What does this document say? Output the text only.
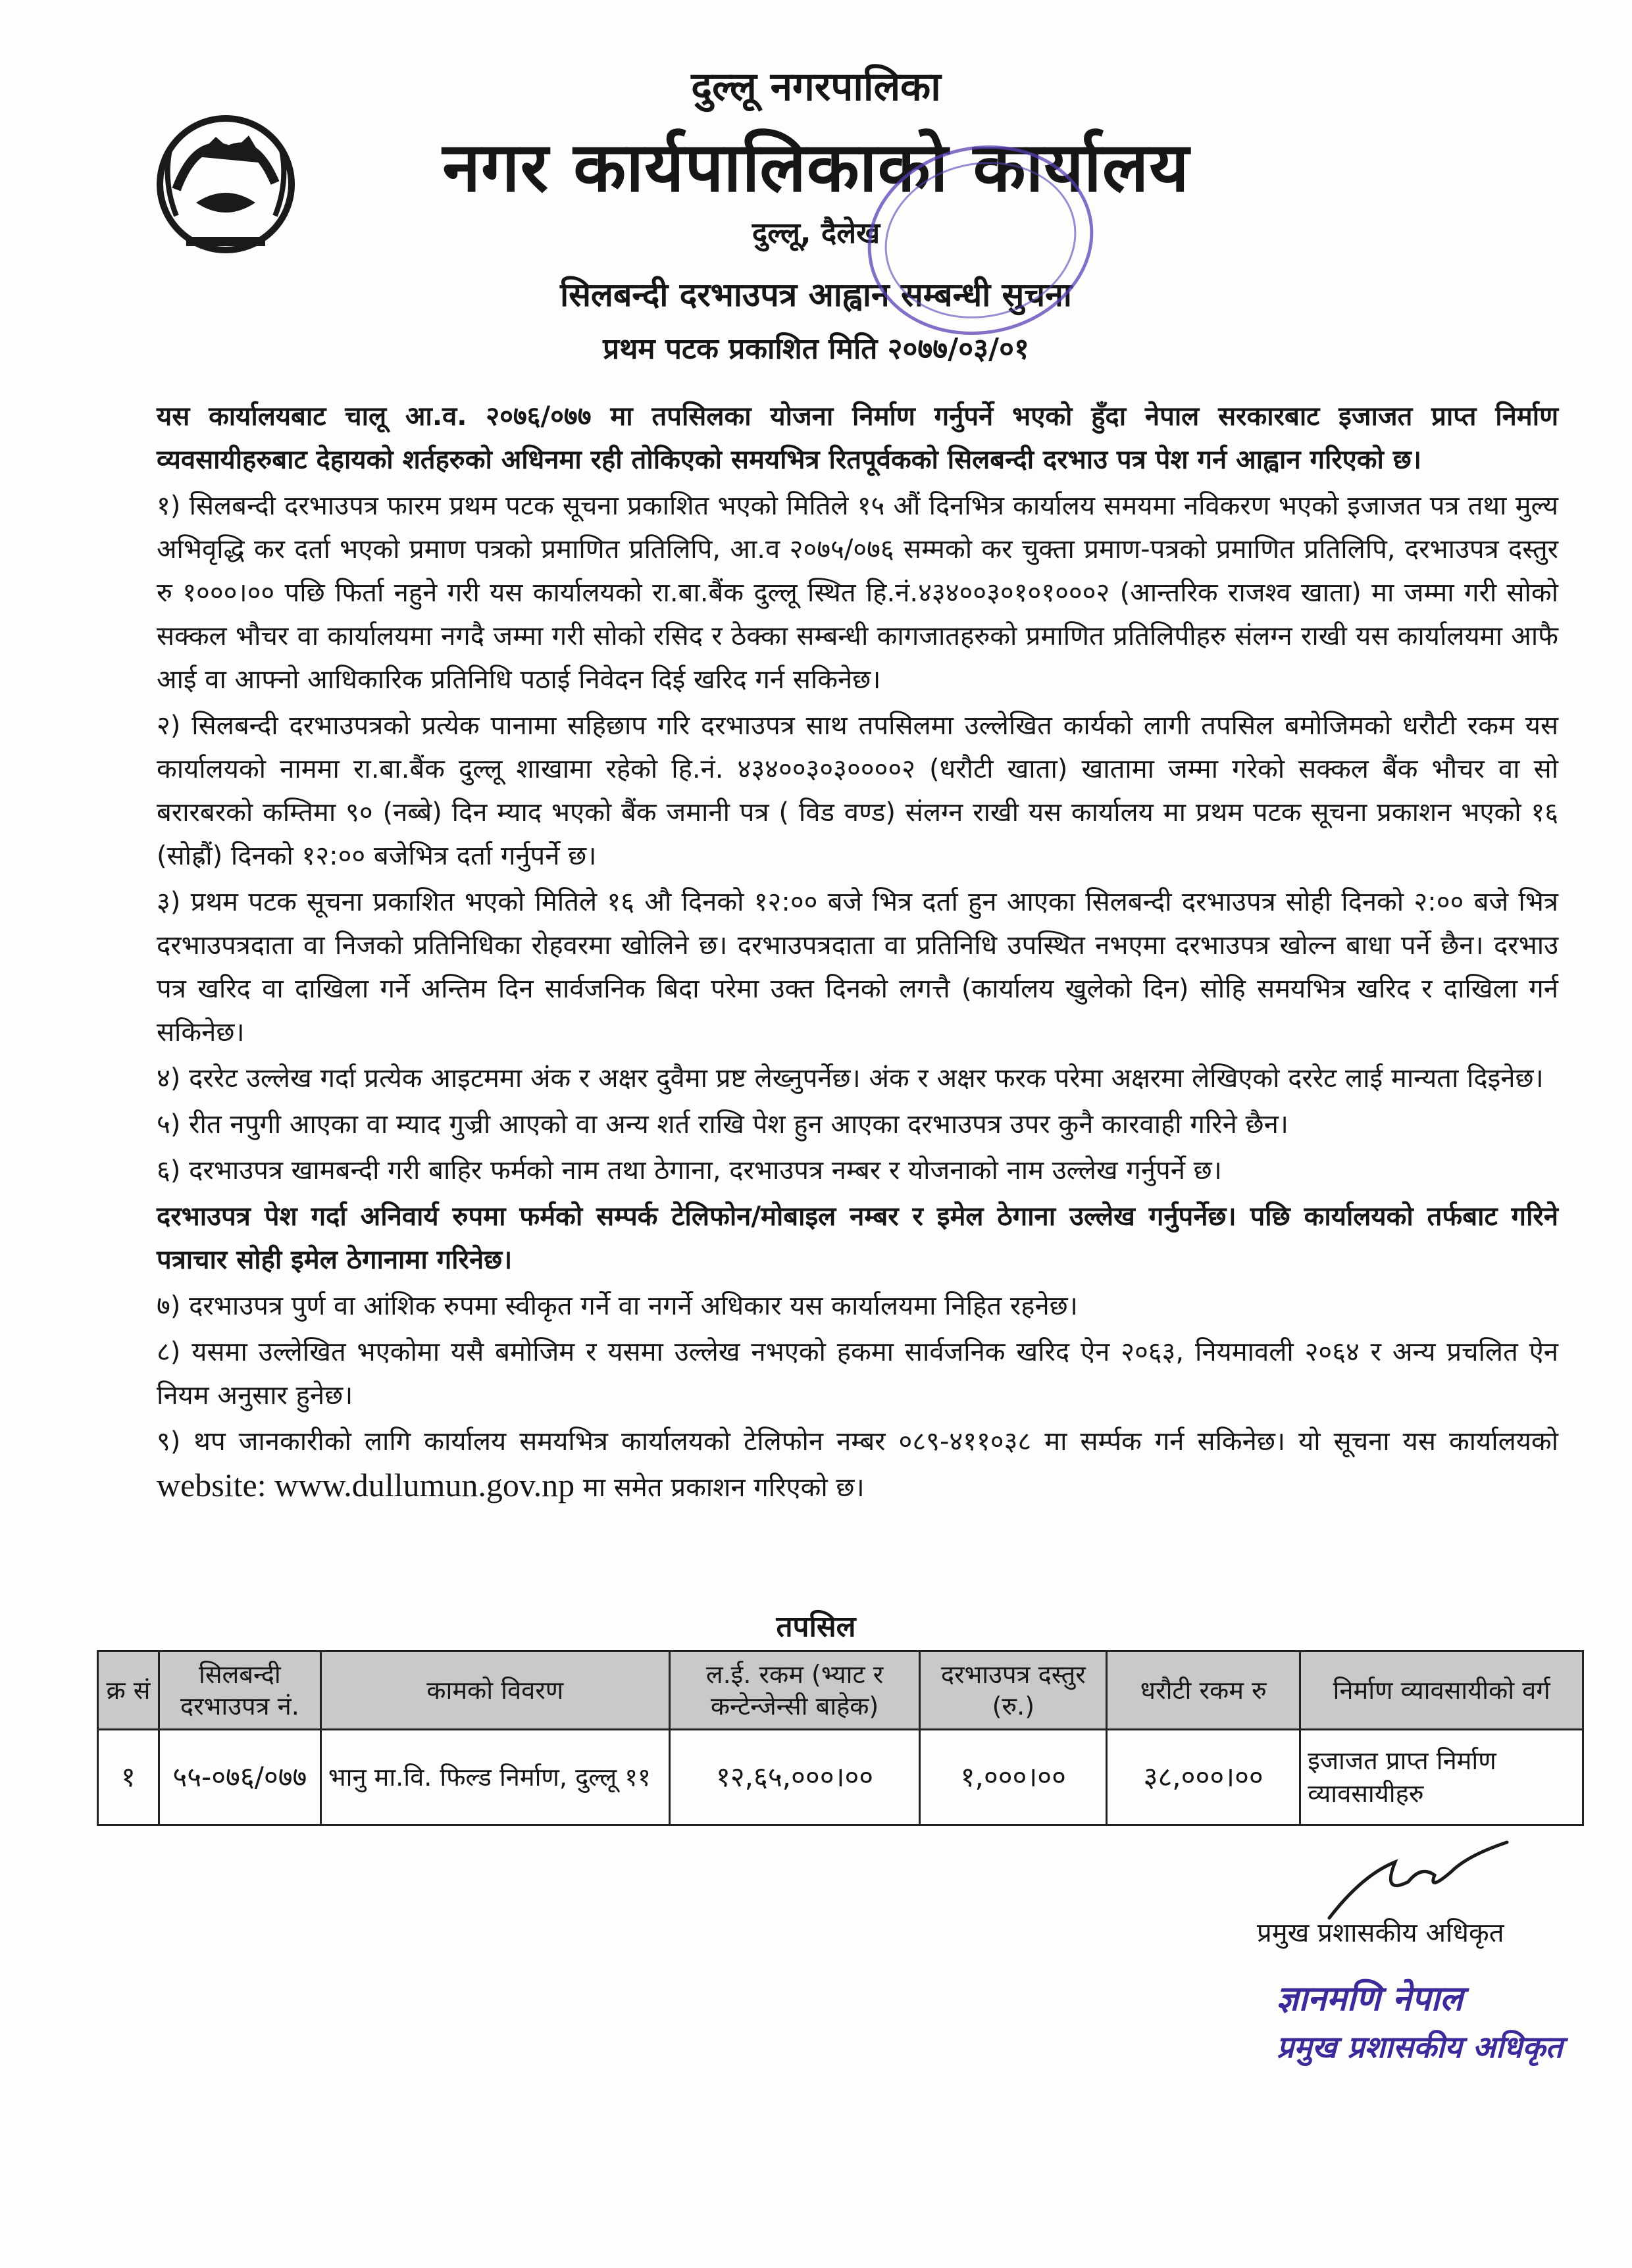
दुल्लू नगरपालिका
नगर कार्यपालिकाको कार्यालय
दुल्लू, दैलेख
सिलबन्दी दरभाउपत्र आह्वान सम्बन्धी सुचना
प्रथम पटक प्रकाशित मिति २०७७/०३/०१

यस कार्यालयबाट चालू आ.व. २०७६/०७७ मा तपसिलका योजना निर्माण गर्नुपर्ने भएको हुँदा नेपाल सरकारबाट इजाजत प्राप्त निर्माण व्यवसायीहरुबाट देहायको शर्तहरुको अधिनमा रही तोकिएको समयभित्र रितपूर्वकको सिलबन्दी दरभाउ पत्र पेश गर्न आह्वान गरिएको छ।

१) सिलबन्दी दरभाउपत्र फारम प्रथम पटक सूचना प्रकाशित भएको मितिले १५ औं दिनभित्र कार्यालय समयमा नविकरण भएको इजाजत पत्र तथा मुल्य अभिवृद्धि कर दर्ता भएको प्रमाण पत्रको प्रमाणित प्रतिलिपि, आ.व २०७५/०७६ सम्मको कर चुक्ता प्रमाण-पत्रको प्रमाणित प्रतिलिपि, दरभाउपत्र दस्तुर रु १०००।०० पछि फिर्ता नहुने गरी यस कार्यालयको रा.बा.बैंक दुल्लू स्थित हि.नं.४३४००३०१०१०००२ (आन्तरिक राजश्व खाता) मा जम्मा गरी सोको सक्कल भौचर वा कार्यालयमा नगदै जम्मा गरी सोको रसिद र ठेक्का सम्बन्धी कागजातहरुको प्रमाणित प्रतिलिपीहरु संलग्न राखी यस कार्यालयमा आफै आई वा आफ्नो आधिकारिक प्रतिनिधि पठाई निवेदन दिई खरिद गर्न सकिनेछ।

२) सिलबन्दी दरभाउपत्रको प्रत्येक पानामा सहिछाप गरि दरभाउपत्र साथ तपसिलमा उल्लेखित कार्यको लागी तपसिल बमोजिमको धरौटी रकम यस कार्यालयको नाममा रा.बा.बैंक दुल्लू शाखामा रहेको हि.नं. ४३४००३०३००००२ (धरौटी खाता) खातामा जम्मा गरेको सक्कल बैंक भौचर वा सो बरारबरको कम्तिमा ९० (नब्बे) दिन म्याद भएको बैंक जमानी पत्र ( विड वण्ड) संलग्न राखी यस कार्यालय मा प्रथम पटक सूचना प्रकाशन भएको १६ (सोह्रौं) दिनको १२:०० बजेभित्र दर्ता गर्नुपर्ने छ।

३) प्रथम पटक सूचना प्रकाशित भएको मितिले १६ औ दिनको १२:०० बजे भित्र दर्ता हुन आएका सिलबन्दी दरभाउपत्र सोही दिनको २:०० बजे भित्र दरभाउपत्रदाता वा निजको प्रतिनिधिका रोहवरमा खोलिने छ। दरभाउपत्रदाता वा प्रतिनिधि उपस्थित नभएमा दरभाउपत्र खोल्न बाधा पर्ने छैन। दरभाउ पत्र खरिद वा दाखिला गर्ने अन्तिम दिन सार्वजनिक बिदा परेमा उक्त दिनको लगत्तै (कार्यालय खुलेको दिन) सोहि समयभित्र खरिद र दाखिला गर्न सकिनेछ।

४) दररेट उल्लेख गर्दा प्रत्येक आइटममा अंक र अक्षर दुवैमा प्रष्ट लेख्नुपर्नेछ। अंक र अक्षर फरक परेमा अक्षरमा लेखिएको दररेट लाई मान्यता दिइनेछ।

५) रीत नपुगी आएका वा म्याद गुज्री आएको वा अन्य शर्त राखि पेश हुन आएका दरभाउपत्र उपर कुनै कारवाही गरिने छैन।

६) दरभाउपत्र खामबन्दी गरी बाहिर फर्मको नाम तथा ठेगाना, दरभाउपत्र नम्बर र योजनाको नाम उल्लेख गर्नुपर्ने छ।

दरभाउपत्र पेश गर्दा अनिवार्य रुपमा फर्मको सम्पर्क टेलिफोन/मोबाइल नम्बर र इमेल ठेगाना उल्लेख गर्नुपर्नेछ। पछि कार्यालयको तर्फबाट गरिने पत्राचार सोही इमेल ठेगानामा गरिनेछ।

७) दरभाउपत्र पुर्ण वा आंशिक रुपमा स्वीकृत गर्ने वा नगर्ने अधिकार यस कार्यालयमा निहित रहनेछ।

८) यसमा उल्लेखित भएकोमा यसै बमोजिम र यसमा उल्लेख नभएको हकमा सार्वजनिक खरिद ऐन २०६३, नियमावली २०६४ र अन्य प्रचलित ऐन नियम अनुसार हुनेछ।

९) थप जानकारीको लागि कार्यालय समयभित्र कार्यालयको टेलिफोन नम्बर ०८९-४११०३८ मा सर्म्पक गर्न सकिनेछ। यो सूचना यस कार्यालयको website: www.dullumun.gov.np मा समेत प्रकाशन गरिएको छ।

तपसिल
क्र सं	सिलबन्दी दरभाउपत्र नं.	कामको विवरण	ल.ई. रकम (भ्याट र कन्टेन्जेन्सी बाहेक)	दरभाउपत्र दस्तुर (रु.)	धरौटी रकम रु	निर्माण व्यावसायीको वर्ग
१	५५-०७६/०७७	भानु मा.वि. फिल्ड निर्माण, दुल्लू ११	१२,६५,०००।००	१,०००।००	३८,०००।००	इजाजत प्राप्त निर्माण व्यावसायीहरु
प्रमुख प्रशासकीय अधिकृत
ज्ञानमणि नेपाल
प्रमुख प्रशासकीय अधिकृत
